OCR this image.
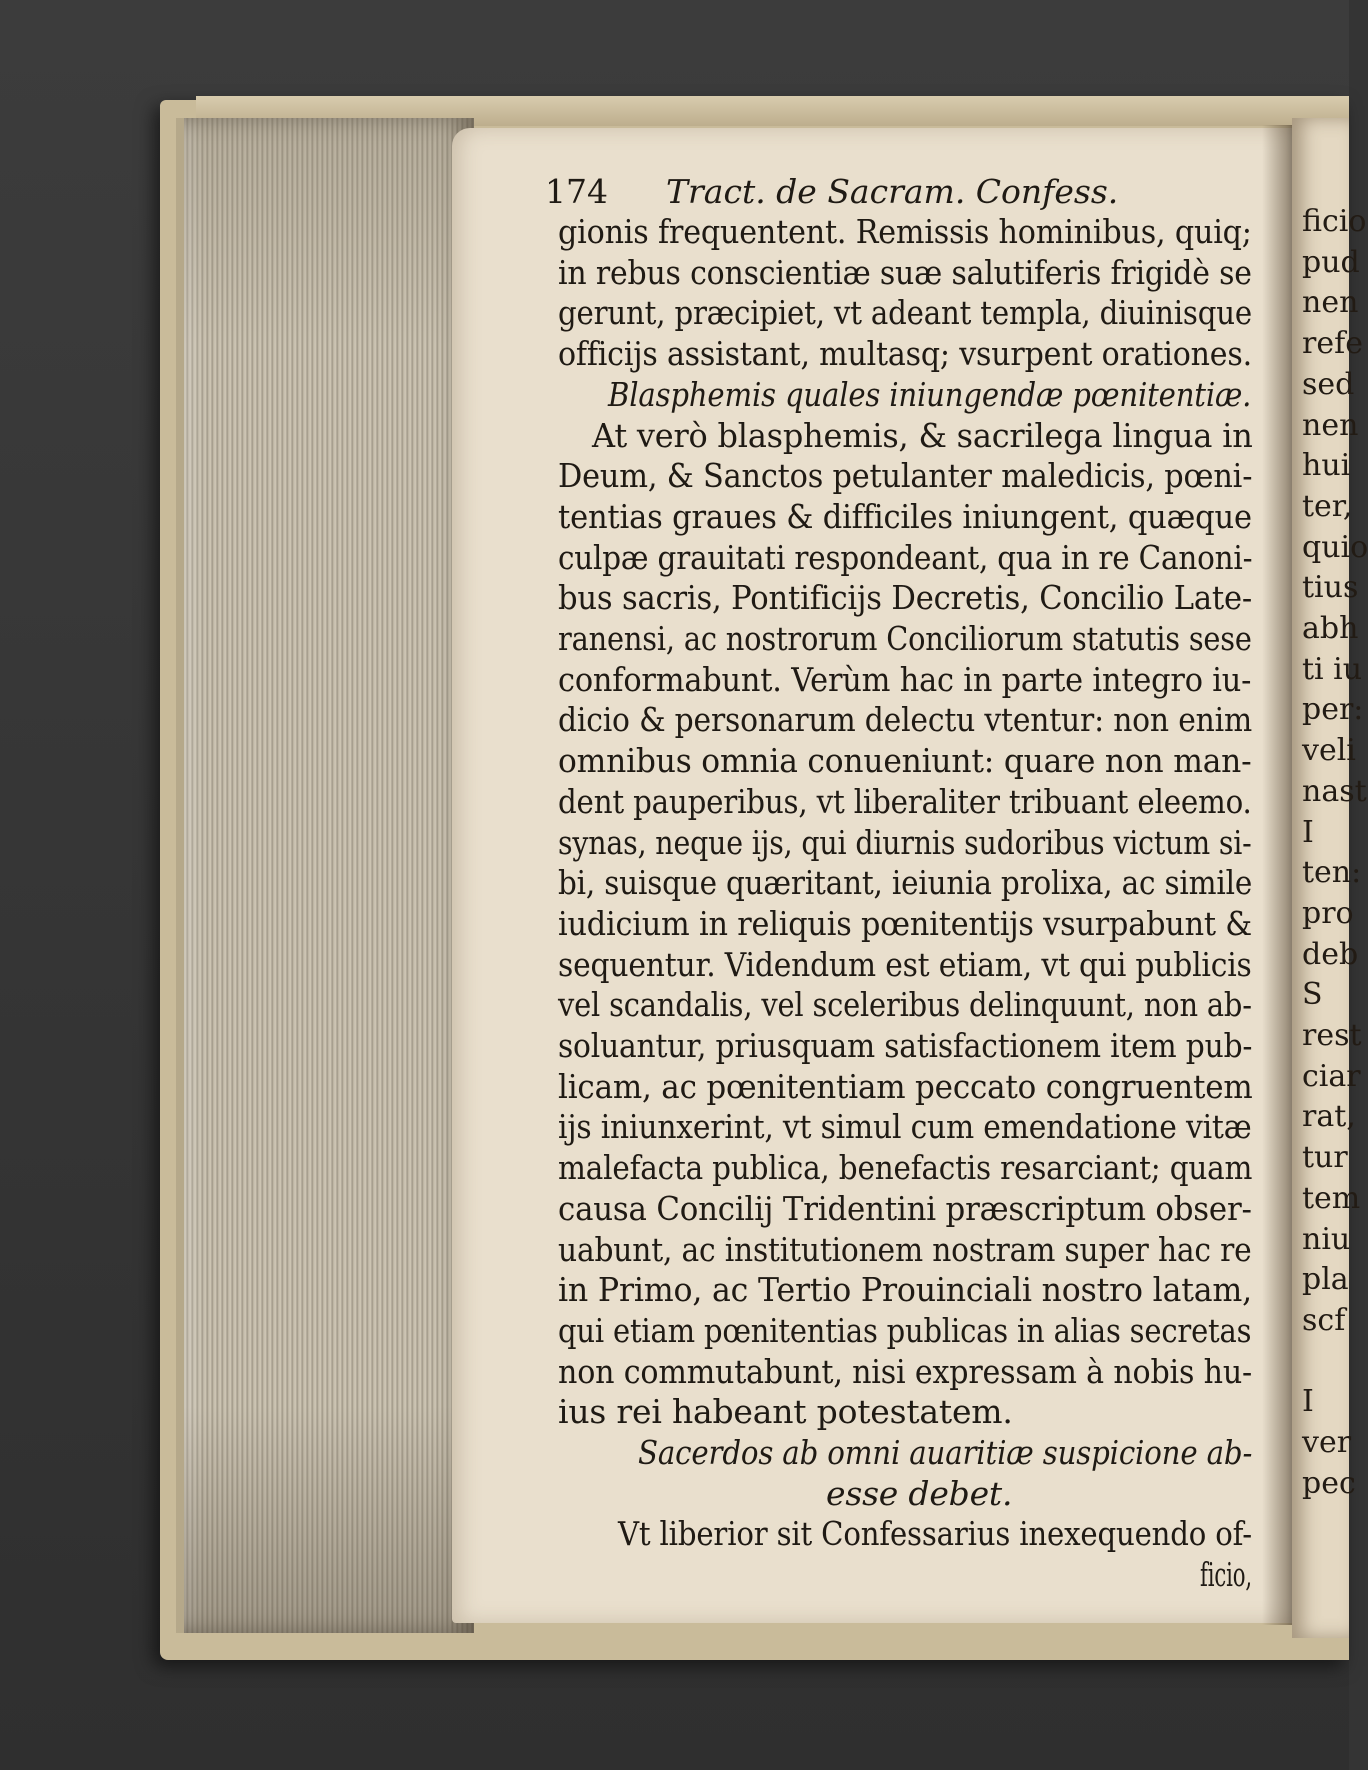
174 Tract. de Sacram. Confess.
gionis frequentent. Remissis hominibus, quiq;
in rebus conscientiæ suæ salutiferis frigidè se
gerunt, præcipiet, vt adeant templa, diuinisque
officijs assistant, multasq; vsurpent orationes.
Blasphemis quales iniungendæ pœnitentiæ.
At verò blasphemis, & sacrilega lingua in
Deum, & Sanctos petulanter maledicis, pœni-
tentias graues & difficiles iniungent, quæque
culpæ grauitati respondeant, qua in re Canoni-
bus sacris, Pontificijs Decretis, Concilio Late-
ranensi, ac nostrorum Conciliorum statutis sese
conformabunt. Verùm hac in parte integro iu-
dicio & personarum delectu vtentur: non enim
omnibus omnia conueniunt: quare non man-
dent pauperibus, vt liberaliter tribuant eleemo.
synas, neque ijs, qui diurnis sudoribus victum si-
bi, suisque quæritant, ieiunia prolixa, ac simile
iudicium in reliquis pœnitentijs vsurpabunt &
sequentur. Videndum est etiam, vt qui publicis
vel scandalis, vel sceleribus delinquunt, non ab-
soluantur, priusquam satisfactionem item pub-
licam, ac pœnitentiam peccato congruentem
ijs iniunxerint, vt simul cum emendatione vitæ
malefacta publica, benefactis resarciant; quam
causa Concilij Tridentini præscriptum obser-
uabunt, ac institutionem nostram super hac re
in Primo, ac Tertio Prouinciali nostro latam,
qui etiam pœnitentias publicas in alias secretas
non commutabunt, nisi expressam à nobis hu-
ius rei habeant potestatem.
Sacerdos ab omni auaritiæ suspicione ab-
esse debet.
Vt liberior sit Confessarius inexequendo of-
ficio,
ficio
pud
nen
refe
sed
nen
hui
ter,
quio
tius
abh
ti iu
per:
veli
nast
I
ten:
pro
deb
S
rest
ciar
rat,
tur
tem
niu
pla
scf
I
ver
pec
